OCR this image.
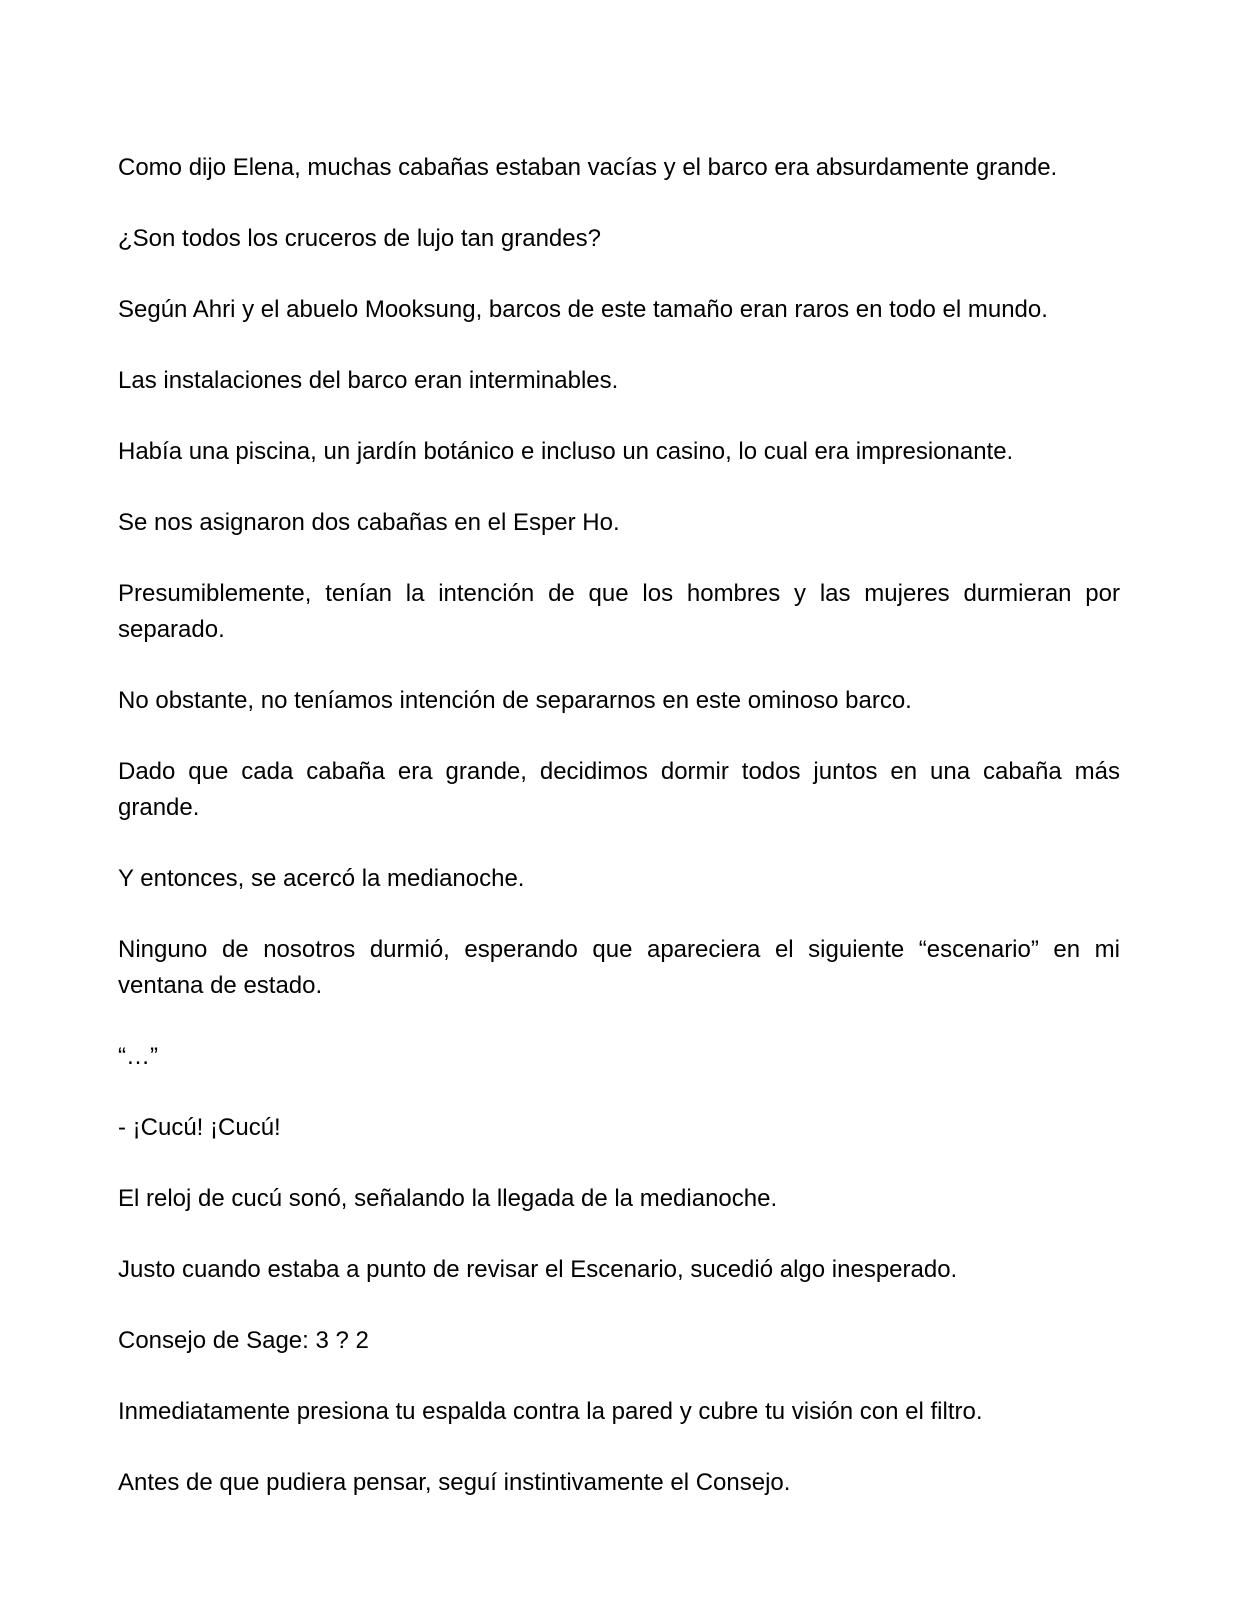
Como dijo Elena, muchas cabañas estaban vacías y el barco era absurdamente grande.

¿Son todos los cruceros de lujo tan grandes?

Según Ahri y el abuelo Mooksung, barcos de este tamaño eran raros en todo el mundo.

Las instalaciones del barco eran interminables.

Había una piscina, un jardín botánico e incluso un casino, lo cual era impresionante.

Se nos asignaron dos cabañas en el Esper Ho.

Presumiblemente, tenían la intención de que los hombres y las mujeres durmieran por separado.

No obstante, no teníamos intención de separarnos en este ominoso barco.

Dado que cada cabaña era grande, decidimos dormir todos juntos en una cabaña más grande.

Y entonces, se acercó la medianoche.

Ninguno de nosotros durmió, esperando que apareciera el siguiente “escenario” en mi ventana de estado.

“…”

- ¡Cucú! ¡Cucú!

El reloj de cucú sonó, señalando la llegada de la medianoche.

Justo cuando estaba a punto de revisar el Escenario, sucedió algo inesperado.

Consejo de Sage: 3 ? 2

Inmediatamente presiona tu espalda contra la pared y cubre tu visión con el filtro.

Antes de que pudiera pensar, seguí instintivamente el Consejo.
